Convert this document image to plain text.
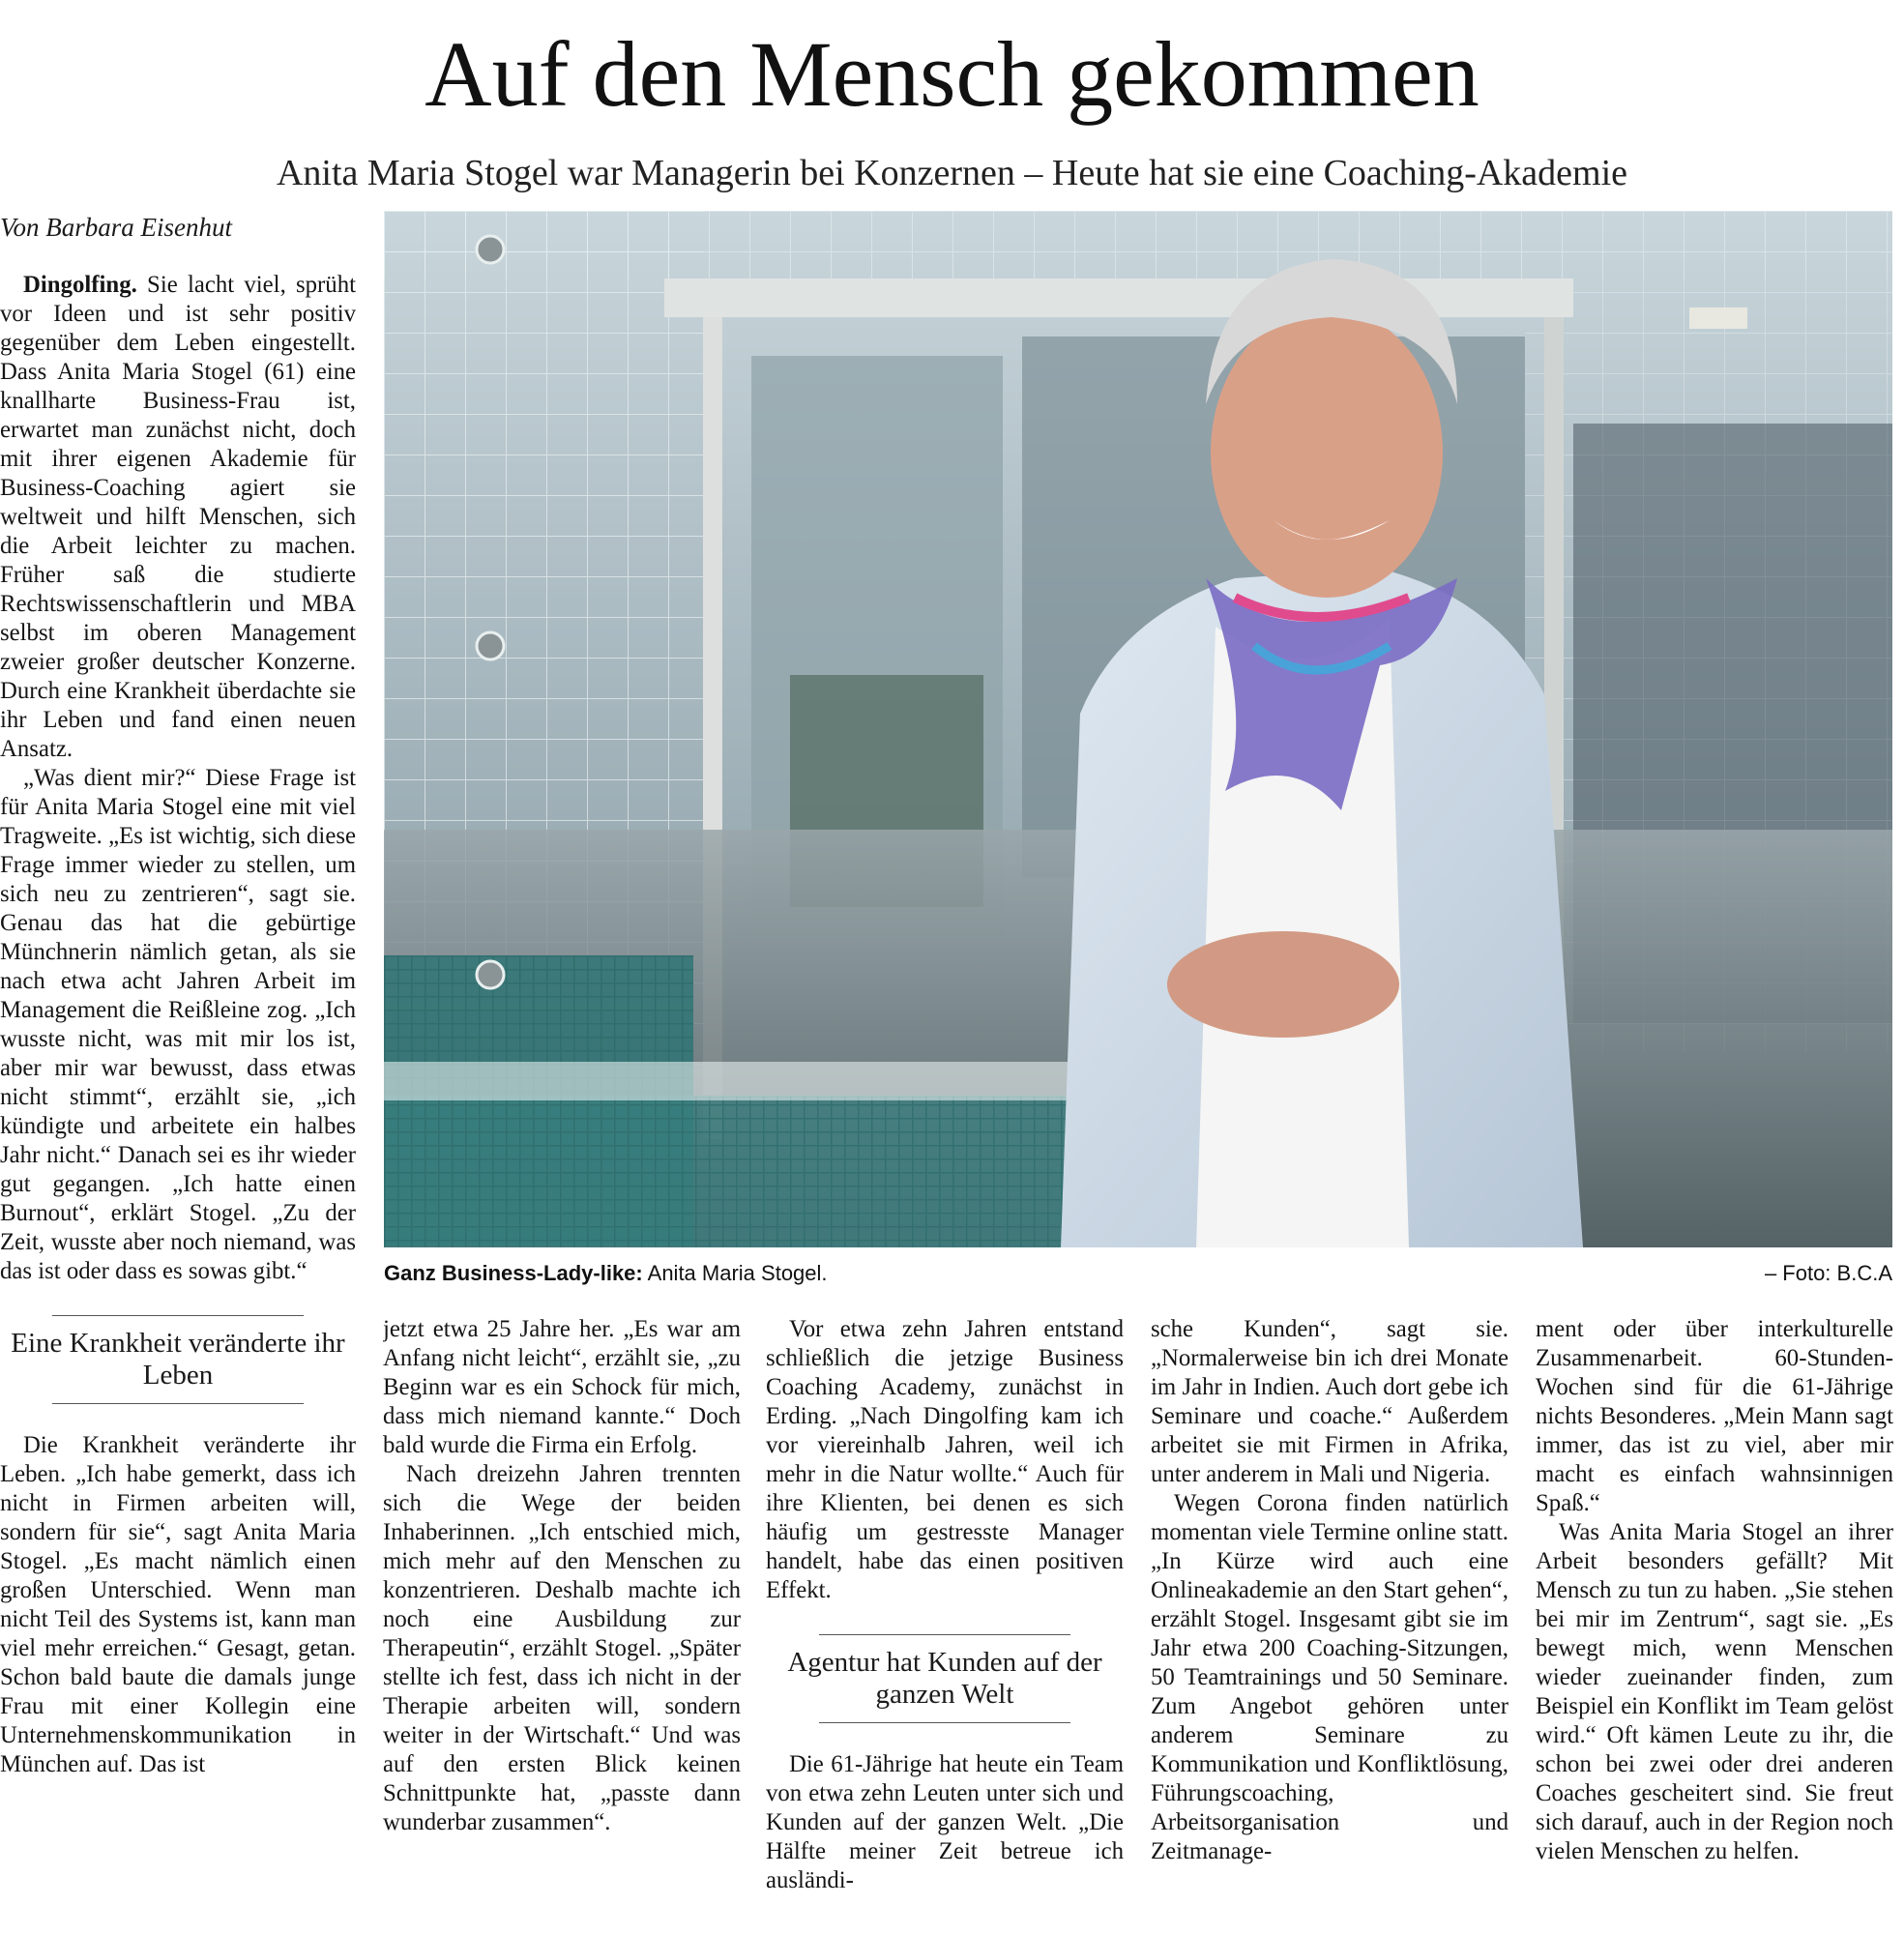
Auf den Mensch gekommen
Anita Maria Stogel war Managerin bei Konzernen – Heute hat sie eine Coaching-Akademie
Von Barbara Eisenhut

Dingolfing. Sie lacht viel, sprüht vor Ideen und ist sehr positiv gegenüber dem Leben eingestellt. Dass Anita Maria Stogel (61) eine knallharte Business-Frau ist, erwartet man zunächst nicht, doch mit ihrer eigenen Akademie für Business-Coaching agiert sie weltweit und hilft Menschen, sich die Arbeit leichter zu machen. Früher saß die studierte Rechtswissenschaftlerin und MBA selbst im oberen Management zweier großer deutscher Konzerne. Durch eine Krankheit überdachte sie ihr Leben und fand einen neuen Ansatz.

„Was dient mir?“ Diese Frage ist für Anita Maria Stogel eine mit viel Tragweite. „Es ist wichtig, sich diese Frage immer wieder zu stellen, um sich neu zu zentrieren“, sagt sie. Genau das hat die gebürtige Münchnerin nämlich getan, als sie nach etwa acht Jahren Arbeit im Management die Reißleine zog. „Ich wusste nicht, was mit mir los ist, aber mir war bewusst, dass etwas nicht stimmt“, erzählt sie, „ich kündigte und arbeitete ein halbes Jahr nicht.“ Danach sei es ihr wieder gut gegangen. „Ich hatte einen Burnout“, erklärt Stogel. „Zu der Zeit, wusste aber noch niemand, was das ist oder dass es sowas gibt.“

Eine Krankheit veränderte ihr Leben

Die Krankheit veränderte ihr Leben. „Ich habe gemerkt, dass ich nicht in Firmen arbeiten will, sondern für sie“, sagt Anita Maria Stogel. „Es macht nämlich einen großen Unterschied. Wenn man nicht Teil des Systems ist, kann man viel mehr erreichen.“ Gesagt, getan. Schon bald baute die damals junge Frau mit einer Kollegin eine Unternehmenskommunikation in München auf. Das ist

Ganz Business-Lady-like: Anita Maria Stogel.	– Foto: B.C.A

jetzt etwa 25 Jahre her. „Es war am Anfang nicht leicht“, erzählt sie, „zu Beginn war es ein Schock für mich, dass mich niemand kannte.“ Doch bald wurde die Firma ein Erfolg.

Nach dreizehn Jahren trennten sich die Wege der beiden Inhaberinnen. „Ich entschied mich, mich mehr auf den Menschen zu konzentrieren. Deshalb machte ich noch eine Ausbildung zur Therapeutin“, erzählt Stogel. „Später stellte ich fest, dass ich nicht in der Therapie arbeiten will, sondern weiter in der Wirtschaft.“ Und was auf den ersten Blick keinen Schnittpunkte hat, „passte dann wunderbar zusammen“.

Vor etwa zehn Jahren entstand schließlich die jetzige Business Coaching Academy, zunächst in Erding. „Nach Dingolfing kam ich vor viereinhalb Jahren, weil ich mehr in die Natur wollte.“ Auch für ihre Klienten, bei denen es sich häufig um gestresste Manager handelt, habe das einen positiven Effekt.

Agentur hat Kunden auf der ganzen Welt

Die 61-Jährige hat heute ein Team von etwa zehn Leuten unter sich und Kunden auf der ganzen Welt. „Die Hälfte meiner Zeit betreue ich ausländi-

sche Kunden“, sagt sie. „Normalerweise bin ich drei Monate im Jahr in Indien. Auch dort gebe ich Seminare und coache.“ Außerdem arbeitet sie mit Firmen in Afrika, unter anderem in Mali und Nigeria.

Wegen Corona finden natürlich momentan viele Termine online statt. „In Kürze wird auch eine Onlineakademie an den Start gehen“, erzählt Stogel. Insgesamt gibt sie im Jahr etwa 200 Coaching-Sitzungen, 50 Teamtrainings und 50 Seminare. Zum Angebot gehören unter anderem Seminare zu Kommunikation und Konfliktlösung, Führungscoaching, Arbeitsorganisation und Zeitmanage-

ment oder über interkulturelle Zusammenarbeit. 60-Stunden-Wochen sind für die 61-Jährige nichts Besonderes. „Mein Mann sagt immer, das ist zu viel, aber mir macht es einfach wahnsinnigen Spaß.“

Was Anita Maria Stogel an ihrer Arbeit besonders gefällt? Mit Mensch zu tun zu haben. „Sie stehen bei mir im Zentrum“, sagt sie. „Es bewegt mich, wenn Menschen wieder zueinander finden, zum Beispiel ein Konflikt im Team gelöst wird.“ Oft kämen Leute zu ihr, die schon bei zwei oder drei anderen Coaches gescheitert sind. Sie freut sich darauf, auch in der Region noch vielen Menschen zu helfen.
